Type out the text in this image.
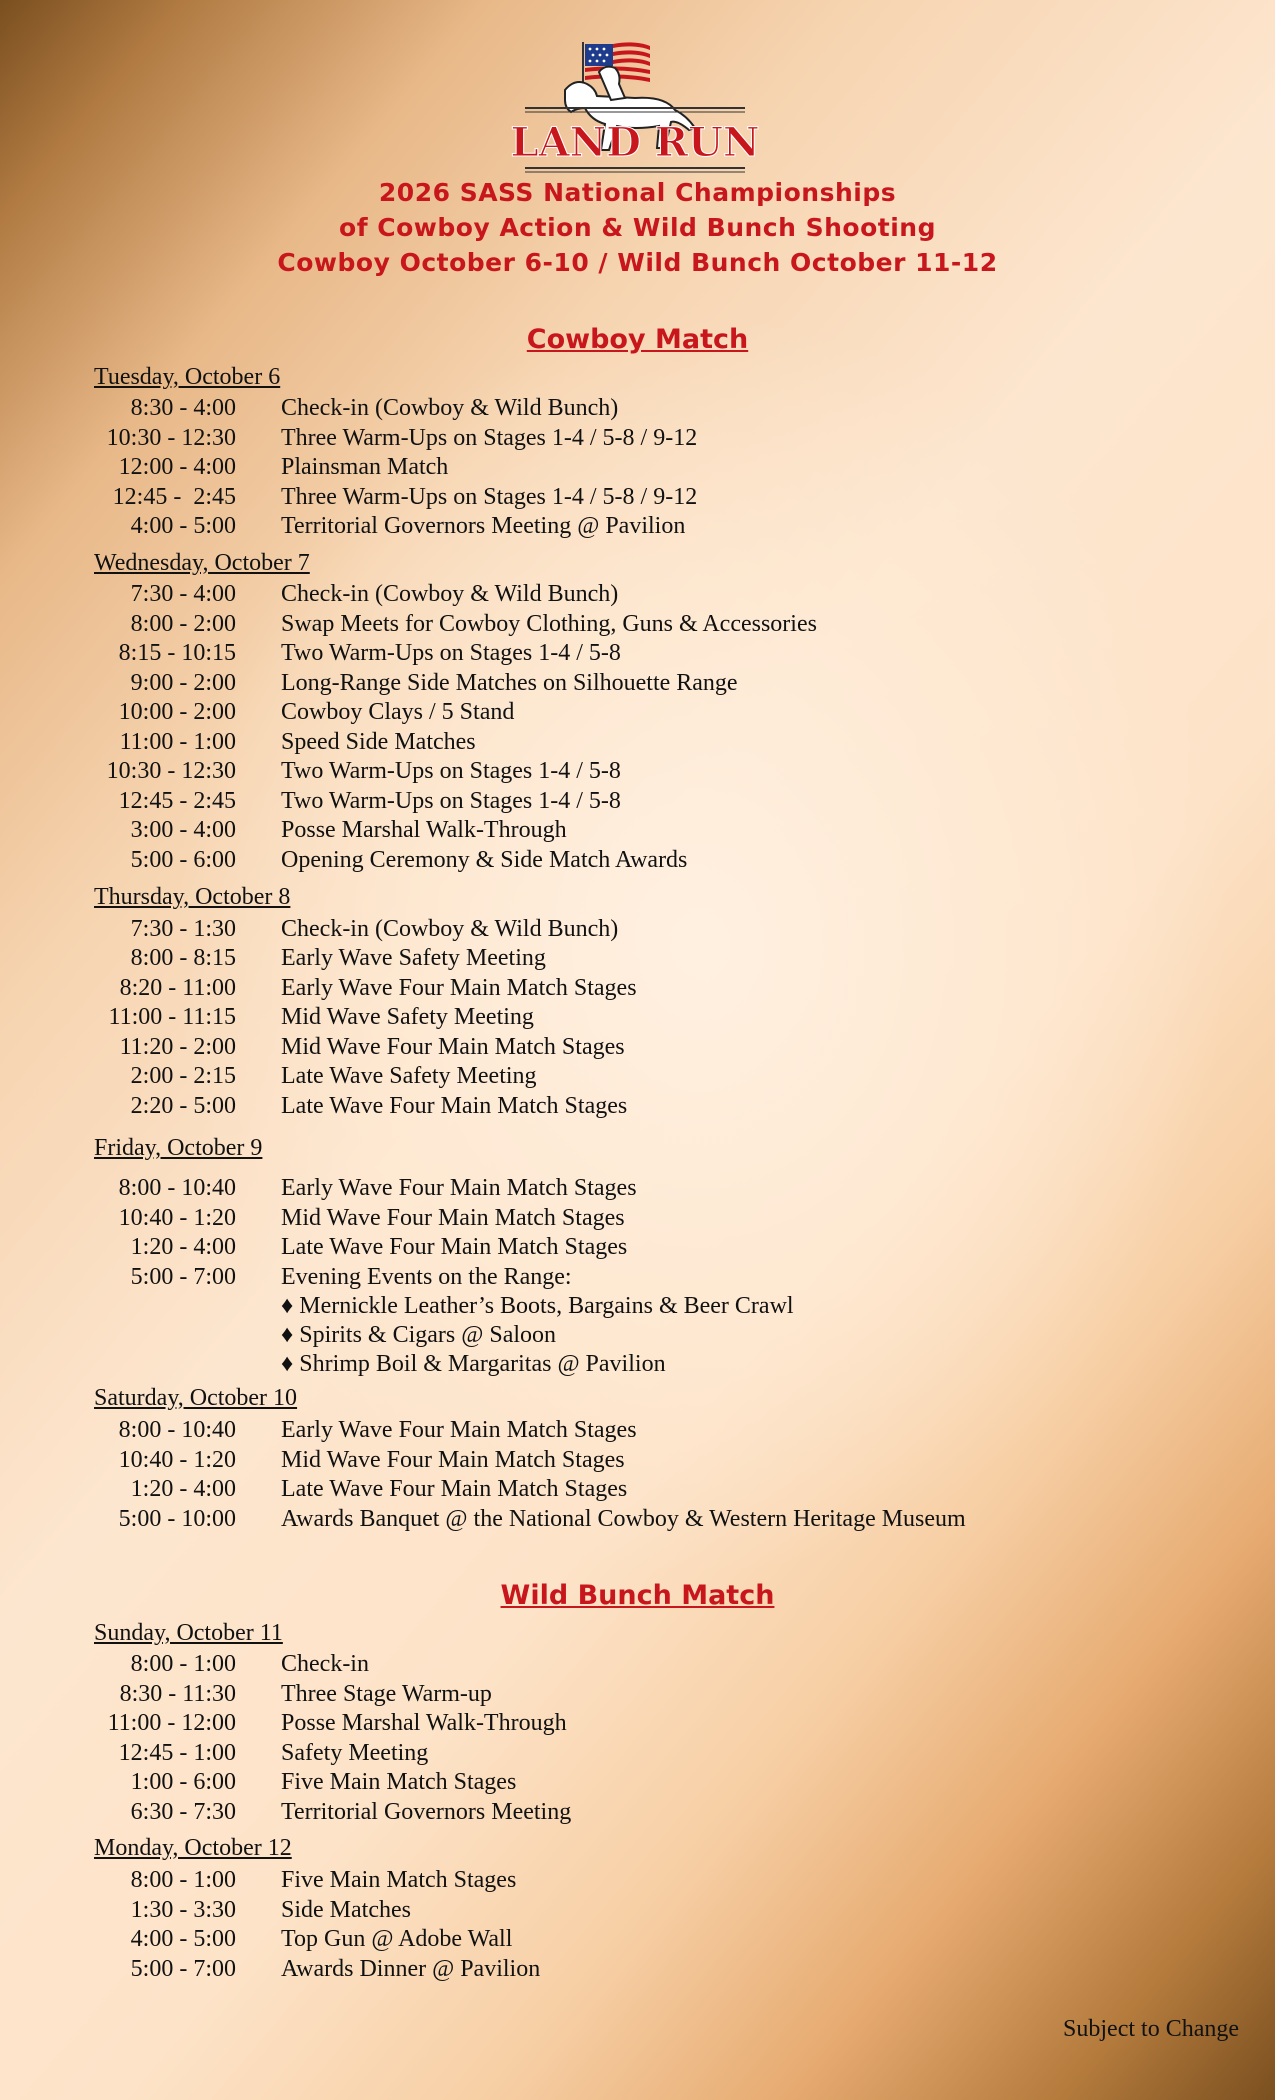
LAND RUN
2026 SASS National Championships
of Cowboy Action & Wild Bunch Shooting
Cowboy October 6-10 / Wild Bunch October 11-12
Cowboy Match
Tuesday, October 6
8:30 - 4:00 Check-in (Cowboy & Wild Bunch)
10:30 - 12:30 Three Warm-Ups on Stages 1-4 / 5-8 / 9-12
12:00 - 4:00 Plainsman Match
12:45 -  2:45 Three Warm-Ups on Stages 1-4 / 5-8 / 9-12
4:00 - 5:00 Territorial Governors Meeting @ Pavilion
Wednesday, October 7
7:30 - 4:00 Check-in (Cowboy & Wild Bunch)
8:00 - 2:00 Swap Meets for Cowboy Clothing, Guns & Accessories
8:15 - 10:15 Two Warm-Ups on Stages 1-4 / 5-8
9:00 - 2:00 Long-Range Side Matches on Silhouette Range
10:00 - 2:00 Cowboy Clays / 5 Stand
11:00 - 1:00 Speed Side Matches
10:30 - 12:30 Two Warm-Ups on Stages 1-4 / 5-8
12:45 - 2:45 Two Warm-Ups on Stages 1-4 / 5-8
3:00 - 4:00 Posse Marshal Walk-Through
5:00 - 6:00 Opening Ceremony & Side Match Awards
Thursday, October 8
7:30 - 1:30 Check-in (Cowboy & Wild Bunch)
8:00 - 8:15 Early Wave Safety Meeting
8:20 - 11:00 Early Wave Four Main Match Stages
11:00 - 11:15 Mid Wave Safety Meeting
11:20 - 2:00 Mid Wave Four Main Match Stages
2:00 - 2:15 Late Wave Safety Meeting
2:20 - 5:00 Late Wave Four Main Match Stages
Friday, October 9
8:00 - 10:40 Early Wave Four Main Match Stages
10:40 - 1:20 Mid Wave Four Main Match Stages
1:20 - 4:00 Late Wave Four Main Match Stages
5:00 - 7:00 Evening Events on the Range:
♦ Mernickle Leather’s Boots, Bargains & Beer Crawl
♦ Spirits & Cigars @ Saloon
♦ Shrimp Boil & Margaritas @ Pavilion
Saturday, October 10
8:00 - 10:40 Early Wave Four Main Match Stages
10:40 - 1:20 Mid Wave Four Main Match Stages
1:20 - 4:00 Late Wave Four Main Match Stages
5:00 - 10:00 Awards Banquet @ the National Cowboy & Western Heritage Museum
Wild Bunch Match
Sunday, October 11
8:00 - 1:00 Check-in
8:30 - 11:30 Three Stage Warm-up
11:00 - 12:00 Posse Marshal Walk-Through
12:45 - 1:00 Safety Meeting
1:00 - 6:00 Five Main Match Stages
6:30 - 7:30 Territorial Governors Meeting
Monday, October 12
8:00 - 1:00 Five Main Match Stages
1:30 - 3:30 Side Matches
4:00 - 5:00 Top Gun @ Adobe Wall
5:00 - 7:00 Awards Dinner @ Pavilion
Subject to Change
